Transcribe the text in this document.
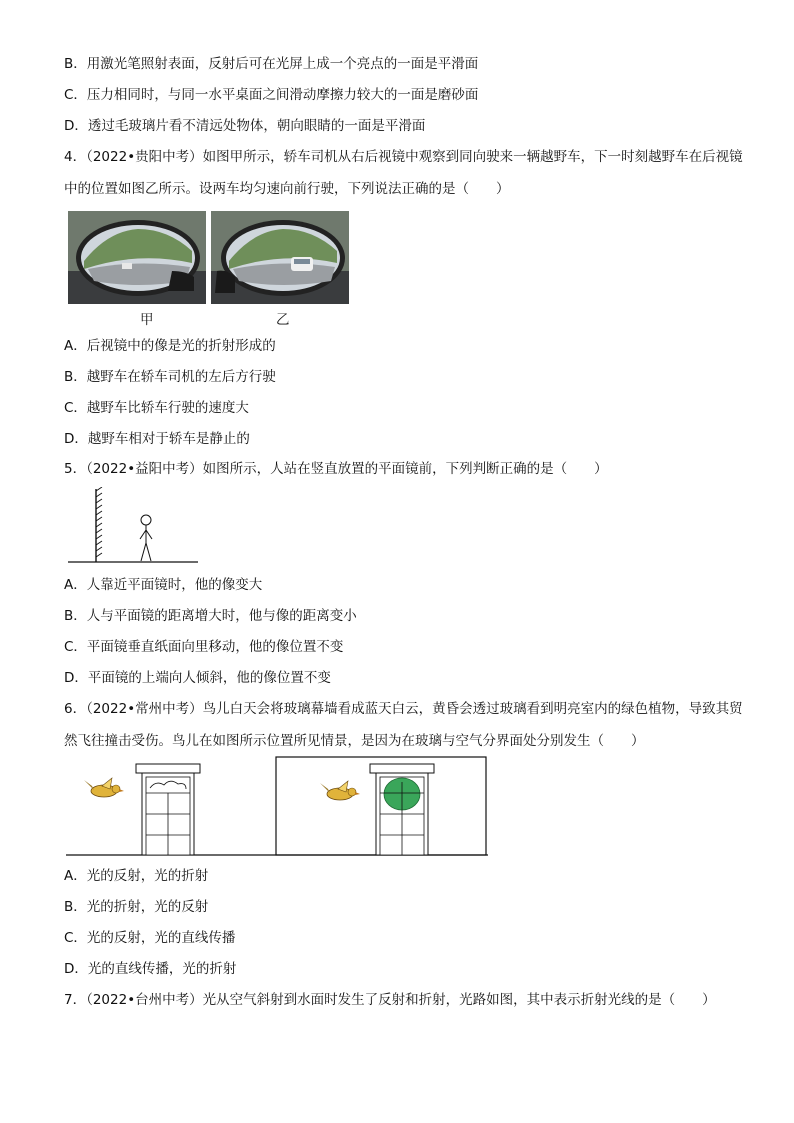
B．用激光笔照射表面，反射后可在光屏上成一个亮点的一面是平滑面
C．压力相同时，与同一水平桌面之间滑动摩擦力较大的一面是磨砂面
D．透过毛玻璃片看不清远处物体，朝向眼睛的一面是平滑面
4．（2022•贵阳中考）如图甲所示，轿车司机从右后视镜中观察到同向驶来一辆越野车，下一时刻越野车在后视镜
中的位置如图乙所示。设两车均匀速向前行驶，下列说法正确的是（　　）
甲	乙
A．后视镜中的像是光的折射形成的
B．越野车在轿车司机的左后方行驶
C．越野车比轿车行驶的速度大
D．越野车相对于轿车是静止的
5．（2022•益阳中考）如图所示，人站在竖直放置的平面镜前，下列判断正确的是（　　）
A．人靠近平面镜时，他的像变大
B．人与平面镜的距离增大时，他与像的距离变小
C．平面镜垂直纸面向里移动，他的像位置不变
D．平面镜的上端向人倾斜，他的像位置不变
6．（2022•常州中考）鸟儿白天会将玻璃幕墙看成蓝天白云，黄昏会透过玻璃看到明亮室内的绿色植物，导致其贸
然飞往撞击受伤。鸟儿在如图所示位置所见情景，是因为在玻璃与空气分界面处分别发生（　　）
A．光的反射，光的折射
B．光的折射，光的反射
C．光的反射，光的直线传播
D．光的直线传播，光的折射
7．（2022•台州中考）光从空气斜射到水面时发生了反射和折射，光路如图，其中表示折射光线的是（　　）
